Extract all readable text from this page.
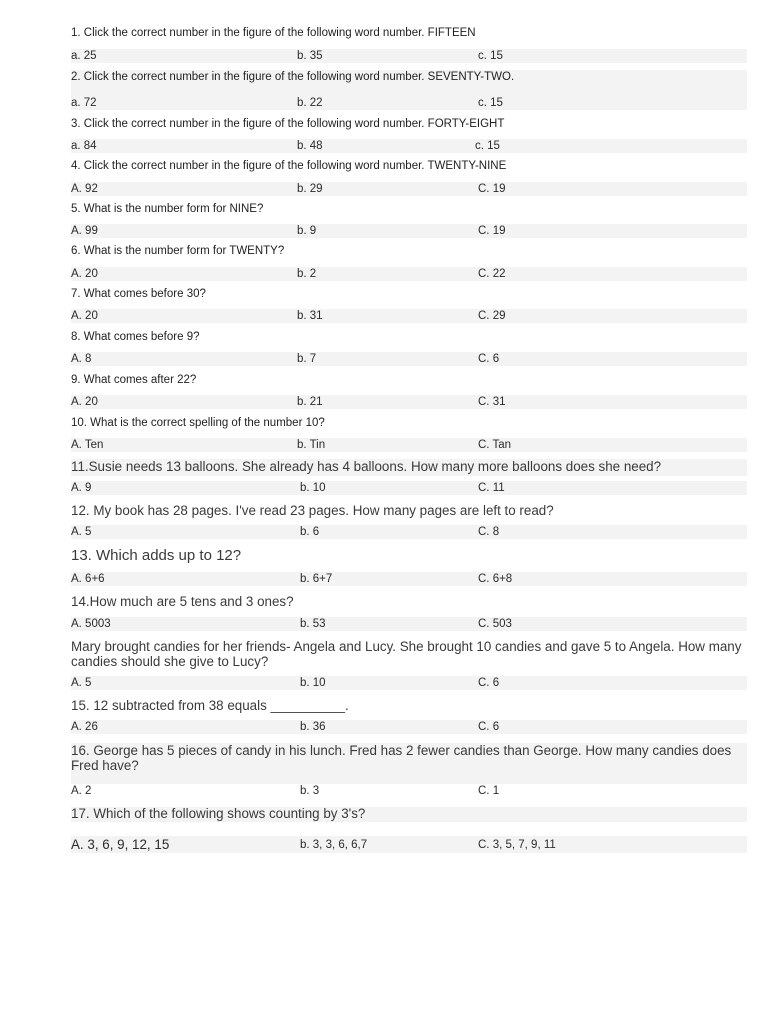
1. Click the correct number in the figure of the following word number. FIFTEEN
a. 25	b. 35	c. 15
2. Click the correct number in the figure of the following word number. SEVENTY-TWO.
a. 72	b. 22	c. 15
3. Click the correct number in the figure of the following word number. FORTY-EIGHT
a. 84	b. 48	c. 15
4. Click the correct number in the figure of the following word number. TWENTY-NINE
A. 92	b. 29	C. 19
5. What is the number form for NINE?
A. 99	b. 9	C. 19
6. What is the number form for TWENTY?
A. 20	b. 2	C. 22
7. What comes before 30?
A. 20	b. 31	C. 29
8. What comes before 9?
A. 8	b. 7	C. 6
9. What comes after 22?
A. 20	b. 21	C. 31
10. What is the correct spelling of the number 10?
A. Ten	b. Tin	C. Tan
11.Susie needs 13 balloons. She already has 4 balloons. How many more balloons does she need?
A. 9	b. 10	C. 11
12. My book has 28 pages. I've read 23 pages. How many pages are left to read?
A. 5	b. 6	C. 8
13. Which adds up to 12?
A. 6+6	b. 6+7	C. 6+8
14.How much are 5 tens and 3 ones?
A. 5003	b. 53	C. 503
Mary brought candies for her friends- Angela and Lucy. She brought 10 candies and gave 5 to Angela. How many candies should she give to Lucy?
A. 5	b. 10	C. 6
15. 12 subtracted from 38 equals __________.
A. 26	b. 36	C. 6
16. George has 5 pieces of candy in his lunch. Fred has 2 fewer candies than George. How many candies does Fred have?
A. 2	b. 3	C. 1
17. Which of the following shows counting by 3's?
A. 3, 6, 9, 12, 15	b. 3, 3, 6, 6,7	C. 3, 5, 7, 9, 11
